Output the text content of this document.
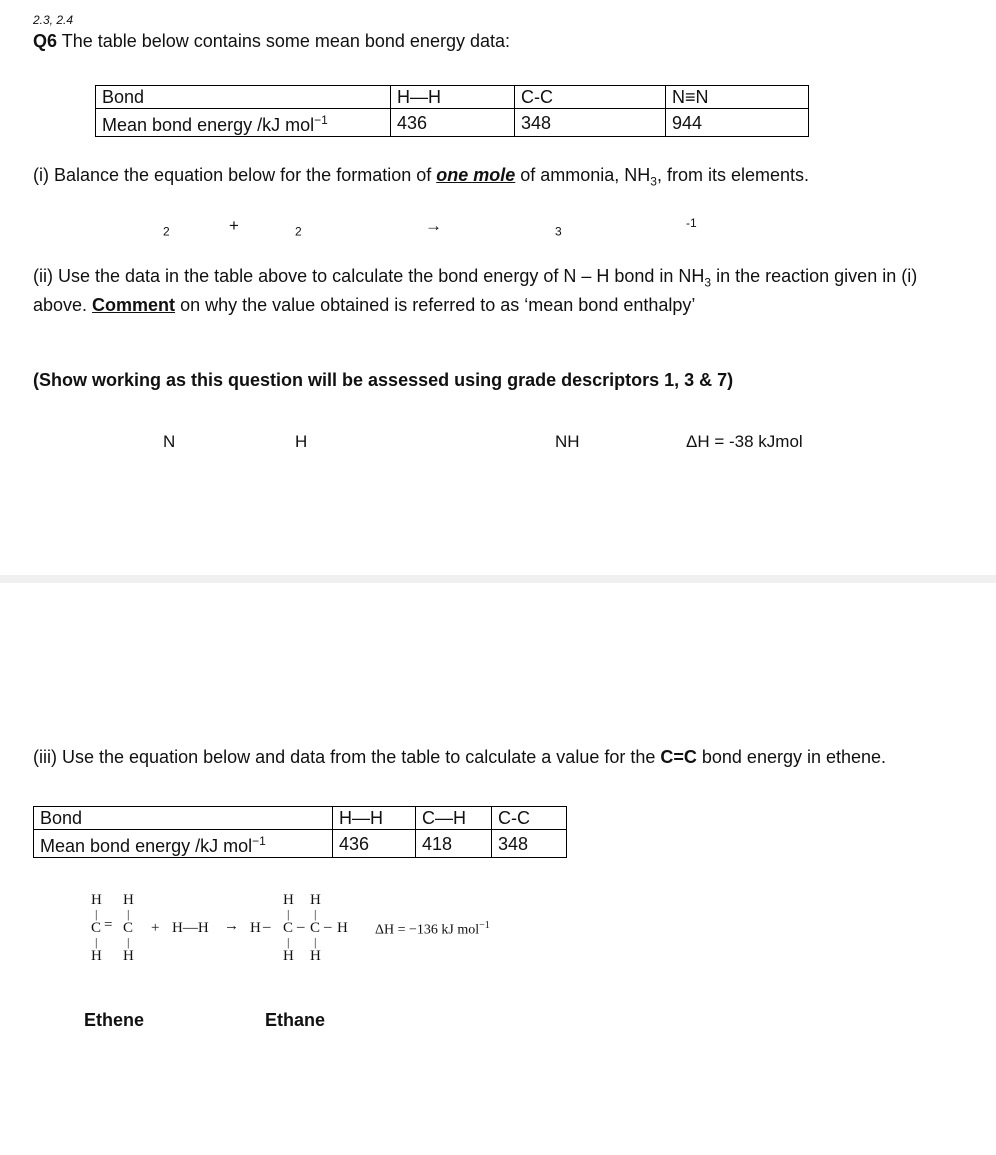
2.3, 2.4
Q6 The table below contains some mean bond energy data:
Bond	H—H	C-C	N≡N
Mean bond energy /kJ mol$^{-1}$	436	348	944
(i) Balance the equation below for the formation of one mole of ammonia, $NH_3$, from its elements.
N
$_2$	+
H
$_2$	→
NH
$_3$
ΔH = -38 kJmol
$^{-1}$
(ii) Use the data in the table above to calculate the bond energy of N – H bond in $NH_3$ in the reaction given in (i) above. Comment on why the value obtained is referred to as ‘mean bond enthalpy’
(Show working as this question will be assessed using grade descriptors 1, 3 & 7)
(iii) Use the equation below and data from the table to calculate a value for the C=C bond energy in ethene.
Bond	H—H	C—H	C-C
Mean bond energy /kJ mol$^{-1}$	436	418	348
H H
| |
C = C
| |
H H
+ H—H → H –
H H
| |
C – C – H
| |
H H
ΔH = −136 kJ mol$^{-1}$
Ethene	Ethane
